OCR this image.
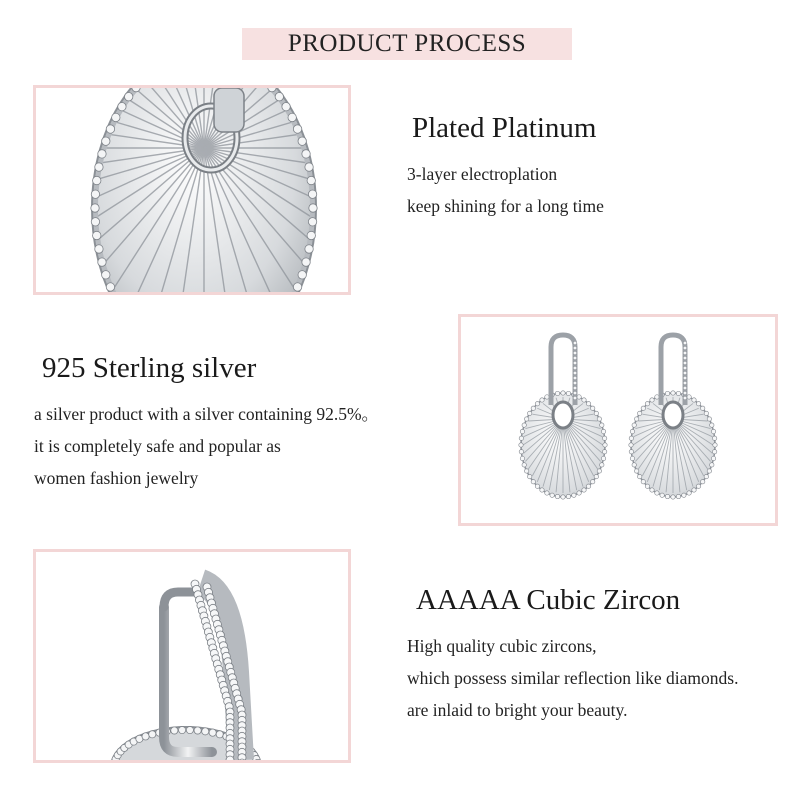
PRODUCT PROCESS
Plated Platinum
3-layer electroplation
keep shining for a long time
925 Sterling silver
a silver product with a silver containing 92.5%。
it is completely safe and popular as
women fashion jewelry
AAAAA Cubic Zircon
High quality cubic zircons,
which possess similar reflection like diamonds.
are inlaid to bright your beauty.
